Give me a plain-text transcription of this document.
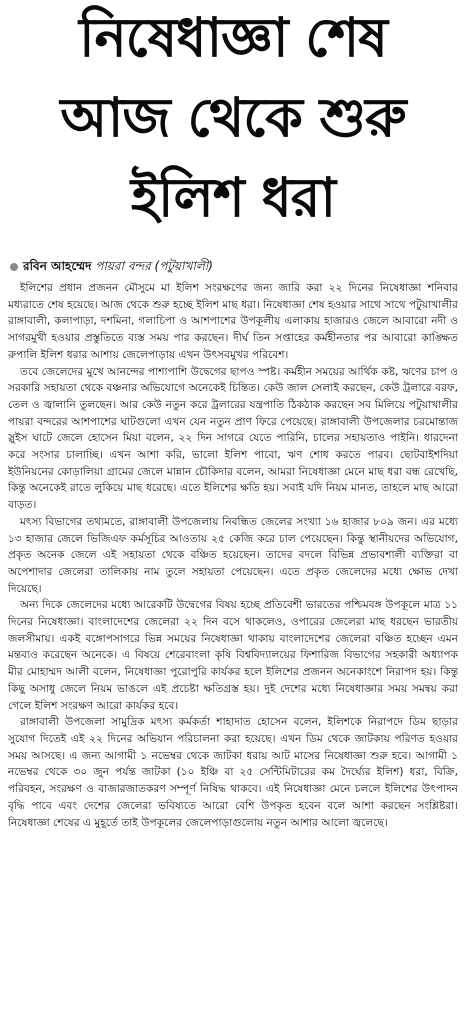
নিষেধাজ্ঞা শেষ
আজ থেকে শুরু
ইলিশ ধরা
রবিন আহম্মেদ পায়রা বন্দর (পটুয়াখালী)

ইলিশের প্রধান প্রজনন মৌসুমে মা ইলিশ সংরক্ষণের জন্য জারি করা ২২ দিনের নিষেধাজ্ঞা শনিবার মধ্যরাতে শেষ হয়েছে। আজ থেকে শুরু হচ্ছে ইলিশ মাছ ধরা। নিষেধাজ্ঞা শেষ হওয়ার সাথে সাথে পটুয়াখালীর রাঙ্গাবালী, কলাপাড়া, দশমিনা, গলাচিপা ও আশপাশের উপকূলীয় এলাকায় হাজারও জেলে আবারো নদী ও সাগরমুখী হওয়ার প্রস্তুতিতে ব্যস্ত সময় পার করছেন। দীর্ঘ তিন সপ্তাহের কর্মহীনতার পর আবারো কাঙ্ক্ষিত রুপালি ইলিশ ধরার আশায় জেলেপাড়ায় এখন উৎসবমুখর পরিবেশ।

তবে জেলেদের মুখে আনন্দের পাশাপাশি উদ্বেগের ছাপও স্পষ্ট। কর্মহীন সময়ের আর্থিক কষ্ট, ঋণের চাপ ও সরকারি সহায়তা থেকে বঞ্চনার অভিযোগে অনেকেই চিন্তিত। কেউ জাল সেলাই করছেন, কেউ ট্রলারে বরফ, তেল ও জ্বালানি তুলছেন। আর কেউ নতুন করে ট্রলারের যন্ত্রপাতি ঠিকঠাক করছেন সব মিলিয়ে পটুয়াখালীর পায়রা বন্দরের আশপাশের ঘাটগুলো এখন যেন নতুন প্রাণ ফিরে পেয়েছে। রাঙ্গাবালী উপজেলার চরমোন্তাজ স্লুইস ঘাটে জেলে হোসেন মিয়া বলেন, ২২ দিন সাগরে যেতে পারিনি, চালের সহায়তাও পাইনি। ধারদেনা করে সংসার চালাচ্ছি। এখন আশা করি, ভালো ইলিশ পাবো, ঋণ শোধ করতে পারব। ছোটবাইশদিয়া ইউনিয়নের কোড়ালিয়া গ্রামের জেলে মান্নান চৌকিদার বলেন, আমরা নিষেধাজ্ঞা মেনে মাছ ধরা বন্ধ রেখেছি, কিন্তু অনেকেই রাতে লুকিয়ে মাছ ধরেছে। এতে ইলিশের ক্ষতি হয়। সবাই যদি নিয়ম মানত, তাহলে মাছ আরো বাড়ত।

মৎস্য বিভাগের তথ্যমতে, রাঙ্গাবালী উপজেলায় নিবন্ধিত জেলের সংখ্যা ১৬ হাজার ৮০৯ জন। এর মধ্যে ১৩ হাজার জেলে ভিজিএফ কর্মসূচির আওতায় ২৫ কেজি করে চাল পেয়েছেন। কিন্তু স্থানীয়দের অভিযোগ, প্রকৃত অনেক জেলে এই সহায়তা থেকে বঞ্চিত হয়েছেন। তাদের বদলে বিভিন্ন প্রভাবশালী ব্যক্তিরা বা অপেশাদার জেলেরা তালিকায় নাম তুলে সহায়তা পেয়েছেন। এতে প্রকৃত জেলেদের মধ্যে ক্ষোভ দেখা দিয়েছে।

অন্য দিকে জেলেদের মধ্যে আরেকটি উদ্বেগের বিষয় হচ্ছে প্রতিবেশী ভারতের পশ্চিমবঙ্গ উপকূলে মাত্র ১১ দিনের নিষেধাজ্ঞা। বাংলাদেশের জেলেরা ২২ দিন বসে থাকলেও, ওপারের জেলেরা মাছ ধরছেন ভারতীয় জলসীমায়। একই বঙ্গোপসাগরে ভিন্ন সময়ের নিষেধাজ্ঞা থাকায় বাংলাদেশের জেলেরা বঞ্চিত হচ্ছেন এমন মন্তব্যও করেছেন অনেকে। এ বিষয়ে শেরেবাংলা কৃষি বিশ্ববিদ্যালয়ের ফিশারিজ বিভাগের সহকারী অধ্যাপক মীর মোহাম্মদ আলী বলেন, নিষেধাজ্ঞা পুরোপুরি কার্যকর হলে ইলিশের প্রজনন অনেকাংশে নিরাপদ হয়। কিন্তু কিছু অসাধু জেলে নিয়ম ভাঙলে এই প্রচেষ্টা ক্ষতিগ্রস্ত হয়। দুই দেশের মধ্যে নিষেধাজ্ঞার সময় সমন্বয় করা গেলে ইলিশ সংরক্ষণ আরো কার্যকর হবে।

রাঙ্গাবালী উপজেলা সামুদ্রিক মৎস্য কর্মকর্তা শাহাদাত হোসেন বলেন, ইলিশকে নিরাপদে ডিম ছাড়ার সুযোগ দিতেই এই ২২ দিনের অভিযান পরিচালনা করা হয়েছে। এখন ডিম থেকে জাটকায় পরিণত হওয়ার সময় আসছে। এ জন্য আগামী ১ নভেম্বর থেকে জাটকা ধরায় আট মাসের নিষেধাজ্ঞা শুরু হবে। আগামী ১ নভেম্বর থেকে ৩০ জুন পর্যন্ত জাটকা (১০ ইঞ্চি বা ২৫ সেন্টিমিটারের কম দৈর্ঘ্যের ইলিশ) ধরা, বিক্রি, পরিবহন, সংরক্ষণ ও বাজারজাতকরণ সম্পূর্ণ নিষিদ্ধ থাকবে। এই নিষেধাজ্ঞা মেনে চললে ইলিশের উৎপাদন বৃদ্ধি পাবে এবং দেশের জেলেরা ভবিষ্যতে আরো বেশি উপকৃত হবেন বলে আশা করছেন সংশ্লিষ্টরা। নিষেধাজ্ঞা শেষের এ মুহূর্তে তাই উপকূলের জেলেপাড়াগুলোয় নতুন আশার আলো জ্বলেছে।
